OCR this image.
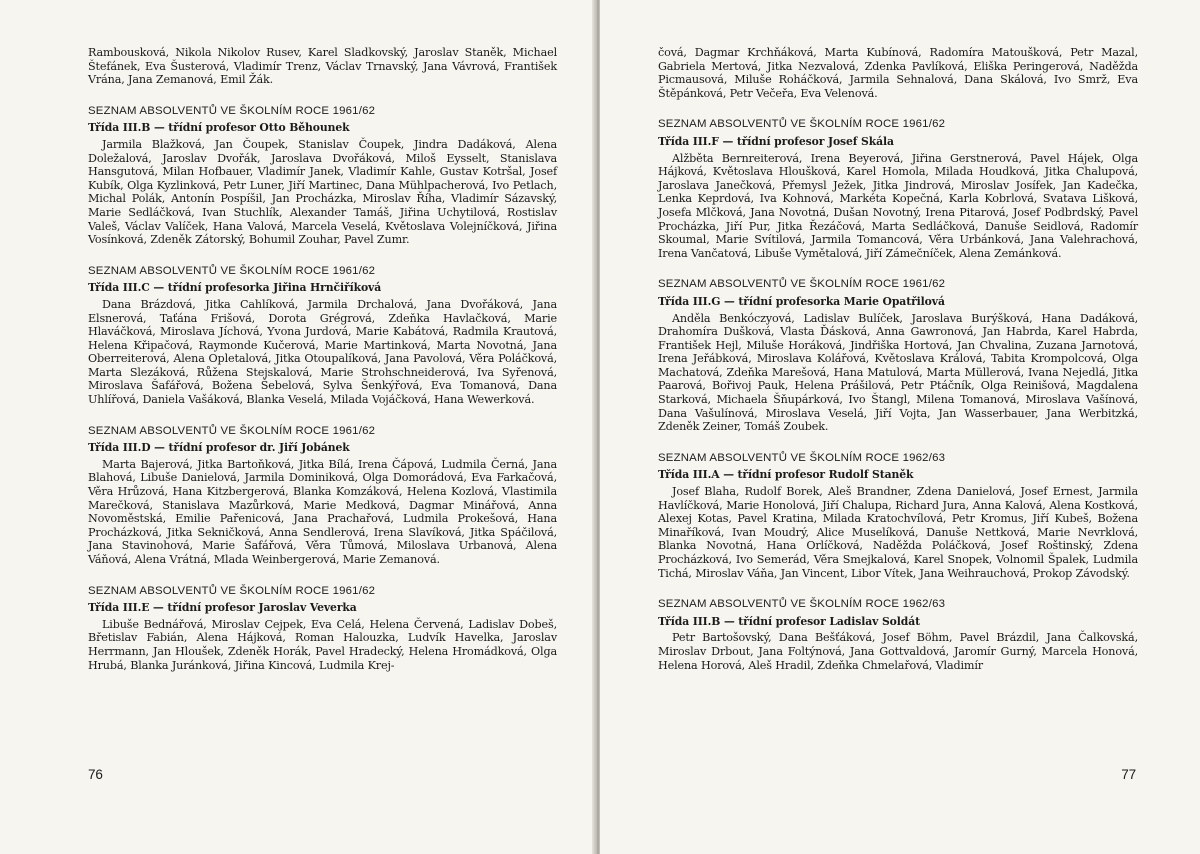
Rambousková, Nikola Nikolov Rusev, Karel Sladkovský, Jaroslav Staněk, Michael Štefánek, Eva Šusterová, Vladimír Trenz, Václav Trnavský, Jana Vávrová, František Vrána, Jana Zemanová, Emil Žák.

SEZNAM ABSOLVENTŮ VE ŠKOLNÍM ROCE 1961/62
Třída III.B — třídní profesor Otto Běhounek

Jarmila Blažková, Jan Čoupek, Stanislav Čoupek, Jindra Dadáková, Alena Doležalová, Jaroslav Dvořák, Jaroslava Dvořáková, Miloš Eysselt, Stanislava Hansgutová, Milan Hofbauer, Vladimír Janek, Vladimír Kahle, Gustav Kotršal, Josef Kubík, Olga Kyzlinková, Petr Luner, Jiří Martinec, Dana Mühlpacherová, Ivo Petlach, Michal Polák, Antonín Pospíšil, Jan Procházka, Miroslav Říha, Vladimír Sázavský, Marie Sedláčková, Ivan Stuchlík, Alexander Tamáš, Jiřina Uchytilová, Rostislav Valeš, Václav Valíček, Hana Valová, Marcela Veselá, Květoslava Volejníčková, Jiřina Vosínková, Zdeněk Zátorský, Bohumil Zouhar, Pavel Zumr.

SEZNAM ABSOLVENTŮ VE ŠKOLNÍM ROCE 1961/62
Třída III.C — třídní profesorka Jiřina Hrnčiříková

Dana Brázdová, Jitka Cahlíková, Jarmila Drchalová, Jana Dvořáková, Jana Elsnerová, Taťána Frišová, Dorota Grégrová, Zdeňka Havlačková, Marie Hlaváčková, Miroslava Jíchová, Yvona Jurdová, Marie Kabátová, Radmila Krautová, Helena Křipačová, Raymonde Kučerová, Marie Martinková, Marta Novotná, Jana Oberreiterová, Alena Opletalová, Jitka Otoupalíková, Jana Pavolová, Věra Poláčková, Marta Slezáková, Růžena Stejskalová, Marie Strohschneiderová, Iva Syřenová, Miroslava Šafářová, Božena Šebelová, Sylva Šenkýřová, Eva Tomanová, Dana Uhlířová, Daniela Vašáková, Blanka Veselá, Milada Vojáčková, Hana Wewerková.

SEZNAM ABSOLVENTŮ VE ŠKOLNÍM ROCE 1961/62
Třída III.D — třídní profesor dr. Jiří Jobánek

Marta Bajerová, Jitka Bartoňková, Jitka Bílá, Irena Čápová, Ludmila Černá, Jana Blahová, Libuše Danielová, Jarmila Dominiková, Olga Domorádová, Eva Farkačová, Věra Hrůzová, Hana Kitzbergerová, Blanka Komzáková, Helena Kozlová, Vlastimila Marečková, Stanislava Mazůrková, Marie Medková, Dagmar Minářová, Anna Novoměstská, Emilie Pařenicová, Jana Prachařová, Ludmila Prokešová, Hana Procházková, Jitka Sekničková, Anna Sendlerová, Irena Slavíková, Jitka Spáčilová, Jana Stavinohová, Marie Šafářová, Věra Tůmová, Miloslava Urbanová, Alena Váňová, Alena Vrátná, Mlada Weinbergerová, Marie Zemanová.

SEZNAM ABSOLVENTŮ VE ŠKOLNÍM ROCE 1961/62
Třída III.E — třídní profesor Jaroslav Veverka

Libuše Bednářová, Miroslav Cejpek, Eva Celá, Helena Červená, Ladislav Dobeš, Břetislav Fabián, Alena Hájková, Roman Halouzka, Ludvík Havelka, Jaroslav Herrmann, Jan Hloušek, Zdeněk Horák, Pavel Hradecký, Helena Hromádková, Olga Hrubá, Blanka Juránková, Jiřina Kincová, Ludmila Krej-

76

čová, Dagmar Krchňáková, Marta Kubínová, Radomíra Matoušková, Petr Mazal, Gabriela Mertová, Jitka Nezvalová, Zdenka Pavlíková, Eliška Peringerová, Naděžda Picmausová, Miluše Roháčková, Jarmila Sehnalová, Dana Skálová, Ivo Smrž, Eva Štěpánková, Petr Večeřa, Eva Velenová.

SEZNAM ABSOLVENTŮ VE ŠKOLNÍM ROCE 1961/62
Třída III.F — třídní profesor Josef Skála

Alžběta Bernreiterová, Irena Beyerová, Jiřina Gerstnerová, Pavel Hájek, Olga Hájková, Květoslava Hloušková, Karel Homola, Milada Houdková, Jitka Chalupová, Jaroslava Janečková, Přemysl Ježek, Jitka Jindrová, Miroslav Josífek, Jan Kadečka, Lenka Keprdová, Iva Kohnová, Markéta Kopečná, Karla Kobrlová, Svatava Lišková, Josefa Mlčková, Jana Novotná, Dušan Novotný, Irena Pitarová, Josef Podbrdský, Pavel Procházka, Jiří Pur, Jitka Řezáčová, Marta Sedláčková, Danuše Seidlová, Radomír Skoumal, Marie Svítilová, Jarmila Tomancová, Věra Urbánková, Jana Valehrachová, Irena Vančatová, Libuše Vymětalová, Jiří Zámečníček, Alena Zemánková.

SEZNAM ABSOLVENTŮ VE ŠKOLNÍM ROCE 1961/62
Třída III.G — třídní profesorka Marie Opatřilová

Anděla Benkóczyová, Ladislav Bulíček, Jaroslava Burýšková, Hana Dadáková, Drahomíra Dušková, Vlasta Ďásková, Anna Gawronová, Jan Habrda, Karel Habrda, František Hejl, Miluše Horáková, Jindřiška Hortová, Jan Chvalina, Zuzana Jarnotová, Irena Jeřábková, Miroslava Kolářová, Květoslava Králová, Tabita Krompolcová, Olga Machatová, Zdeňka Marešová, Hana Matulová, Marta Müllerová, Ivana Nejedlá, Jitka Paarová, Bořivoj Pauk, Helena Prášilová, Petr Ptáčník, Olga Reinišová, Magdalena Starková, Michaela Šňupárková, Ivo Štangl, Milena Tomanová, Miroslava Vašínová, Dana Vašulínová, Miroslava Veselá, Jiří Vojta, Jan Wasserbauer, Jana Werbitzká, Zdeněk Zeiner, Tomáš Zoubek.

SEZNAM ABSOLVENTŮ VE ŠKOLNÍM ROCE 1962/63
Třída III.A — třídní profesor Rudolf Staněk

Josef Blaha, Rudolf Borek, Aleš Brandner, Zdena Danielová, Josef Ernest, Jarmila Havlíčková, Marie Honolová, Jiří Chalupa, Richard Jura, Anna Kalová, Alena Kostková, Alexej Kotas, Pavel Kratina, Milada Kratochvílová, Petr Kromus, Jiří Kubeš, Božena Minaříková, Ivan Moudrý, Alice Muselíková, Danuše Nettková, Marie Nevrklová, Blanka Novotná, Hana Orlíčková, Naděžda Poláčková, Josef Roštinský, Zdena Procházková, Ivo Semerád, Věra Smejkalová, Karel Snopek, Volnomil Špalek, Ludmila Tichá, Miroslav Váňa, Jan Vincent, Libor Vítek, Jana Weihrauchová, Prokop Závodský.

SEZNAM ABSOLVENTŮ VE ŠKOLNÍM ROCE 1962/63
Třída III.B — třídní profesor Ladislav Soldát

Petr Bartošovský, Dana Bešťáková, Josef Böhm, Pavel Brázdil, Jana Čalkovská, Miroslav Drbout, Jana Foltýnová, Jana Gottvaldová, Jaromír Gurný, Marcela Honová, Helena Horová, Aleš Hradil, Zdeňka Chmelařová, Vladimír

77
